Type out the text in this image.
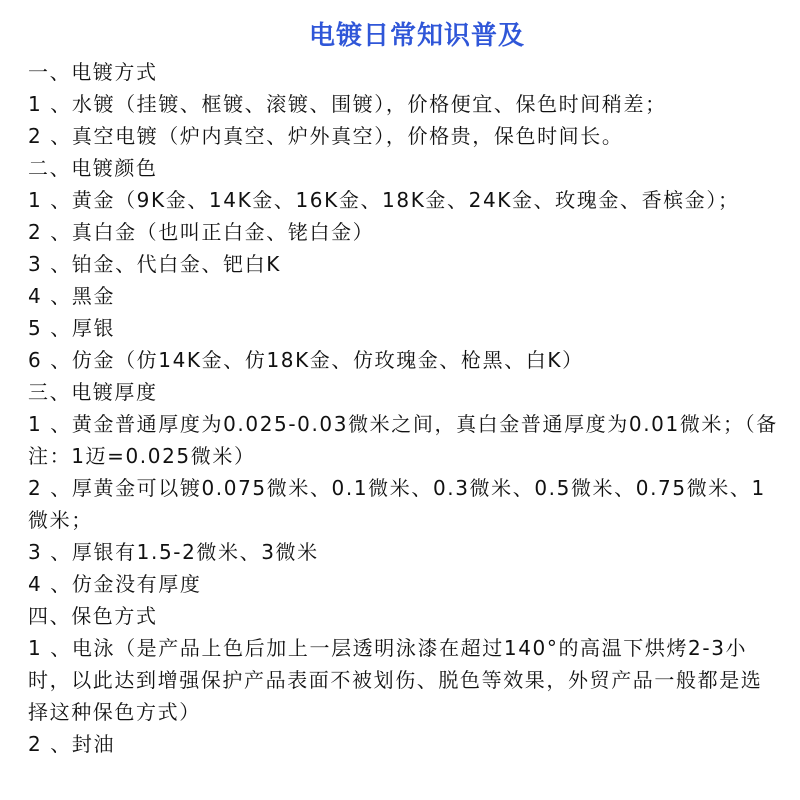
电镀日常知识普及
一、电镀方式
1 、水镀（挂镀、框镀、滚镀、围镀），价格便宜、保色时间稍差；
2 、真空电镀（炉内真空、炉外真空），价格贵，保色时间长。
二、电镀颜色
1 、黄金（9K金、14K金、16K金、18K金、24K金、玫瑰金、香槟金）；
2 、真白金（也叫正白金、铑白金）
3 、铂金、代白金、钯白K
4 、黑金
5 、厚银
6 、仿金（仿14K金、仿18K金、仿玫瑰金、枪黑、白K）
三、电镀厚度
1 、黄金普通厚度为0.025-0.03微米之间，真白金普通厚度为0.01微米；（备注：1迈=0.025微米）
2 、厚黄金可以镀0.075微米、0.1微米、0.3微米、0.5微米、0.75微米、1微米；
3 、厚银有1.5-2微米、3微米
4 、仿金没有厚度
四、保色方式
1 、电泳（是产品上色后加上一层透明泳漆在超过140°的高温下烘烤2-3小时，以此达到增强保护产品表面不被划伤、脱色等效果，外贸产品一般都是选择这种保色方式）
2 、封油
